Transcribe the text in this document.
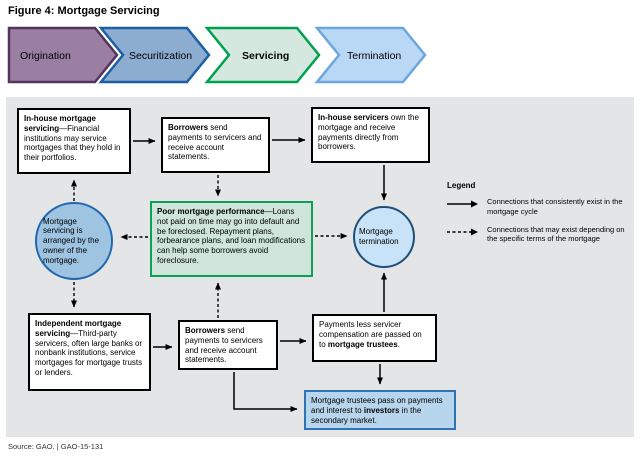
Figure 4: Mortgage Servicing
Origination	Securitization	Servicing	Termination
In-house mortgage servicing—Financial institutions may service mortgages that they hold in their portfolios.
Borrowers send payments to servicers and receive account statements.
In-house servicers own the mortgage and receive payments directly from borrowers.
Mortgage servicing is arranged by the owner of the mortgage.
Poor mortgage performance—Loans not paid on time may go into default and be foreclosed. Repayment plans, forbearance plans, and loan modifications can help some borrowers avoid foreclosure.
Mortgage termination
Independent mortgage servicing—Third-party servicers, often large banks or nonbank institutions, service mortgages for mortgage trusts or lenders.
Borrowers send payments to servicers and receive account statements.
Payments less servicer compensation are passed on to mortgage trustees.
Mortgage trustees pass on payments and interest to investors in the secondary market.
Legend
Connections that consistently exist in the mortgage cycle
Connections that may exist depending on the specific terms of the mortgage
Source: GAO. | GAO-15-131
